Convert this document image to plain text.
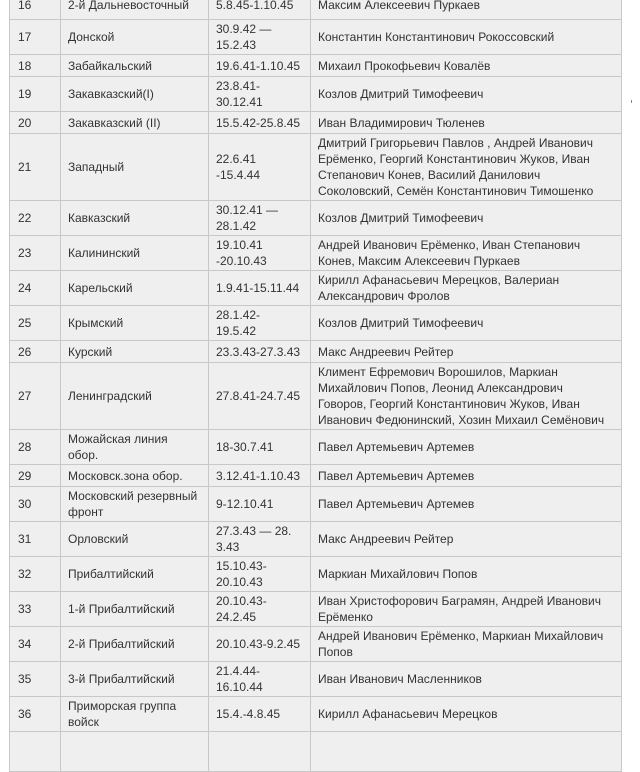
16	2-й Дальневосточный	5.8.45-1.10.45	Максим Алексеевич Пуркаев
17	Донской	30.9.42 — 15.2.43	Константин Константинович Рокоссовский
18	Забайкальский	19.6.41-1.10.45	Михаил Прокофьевич Ковалёв
19	Закавказский(I)	23.8.41-30.12.41	Козлов Дмитрий Тимофеевич
20	Закавказский (II)	15.5.42-25.8.45	Иван Владимирович Тюленев
21	Западный	22.6.41 -15.4.44	Дмитрий Григорьевич Павлов , Андрей Иванович Ерёменко, Георгий Константинович Жуков, Иван Степанович Конев, Василий Данилович Соколовский, Семён Константинович Тимошенко
22	Кавказский	30.12.41 — 28.1.42	Козлов Дмитрий Тимофеевич
23	Калининский	19.10.41 -20.10.43	Андрей Иванович Ерёменко, Иван Степанович Конев, Максим Алексеевич Пуркаев
24	Карельский	1.9.41-15.11.44	Кирилл Афанасьевич Мерецков, Валериан Александрович Фролов
25	Крымский	28.1.42- 19.5.42	Козлов Дмитрий Тимофеевич
26	Курский	23.3.43-27.3.43	Макс Андреевич Рейтер
27	Ленинградский	27.8.41-24.7.45	Климент Ефремович Ворошилов, Маркиан Михайлович Попов, Леонид Александрович Говоров, Георгий Константинович Жуков, Иван Иванович Федюнинский, Хозин Михаил Семёнович
28	Можайская линия обор.	18-30.7.41	Павел Артемьевич Артемев
29	Московск.зона обор.	3.12.41-1.10.43	Павел Артемьевич Артемев
30	Московский резервный фронт	9-12.10.41	Павел Артемьевич Артемев
31	Орловский	27.3.43 — 28. 3.43	Макс Андреевич Рейтер
32	Прибалтийский	15.10.43-20.10.43	Маркиан Михайлович Попов
33	1-й Прибалтийский	20.10.43-24.2.45	Иван Христофорович Баграмян, Андрей Иванович Ерёменко
34	2-й Прибалтийский	20.10.43-9.2.45	Андрей Иванович Ерёменко, Маркиан Михайлович Попов
35	3-й Прибалтийский	21.4.44-16.10.44	Иван Иванович Масленников
36	Приморская группа войск	15.4.-4.8.45	Кирилл Афанасьевич Мерецков

'
